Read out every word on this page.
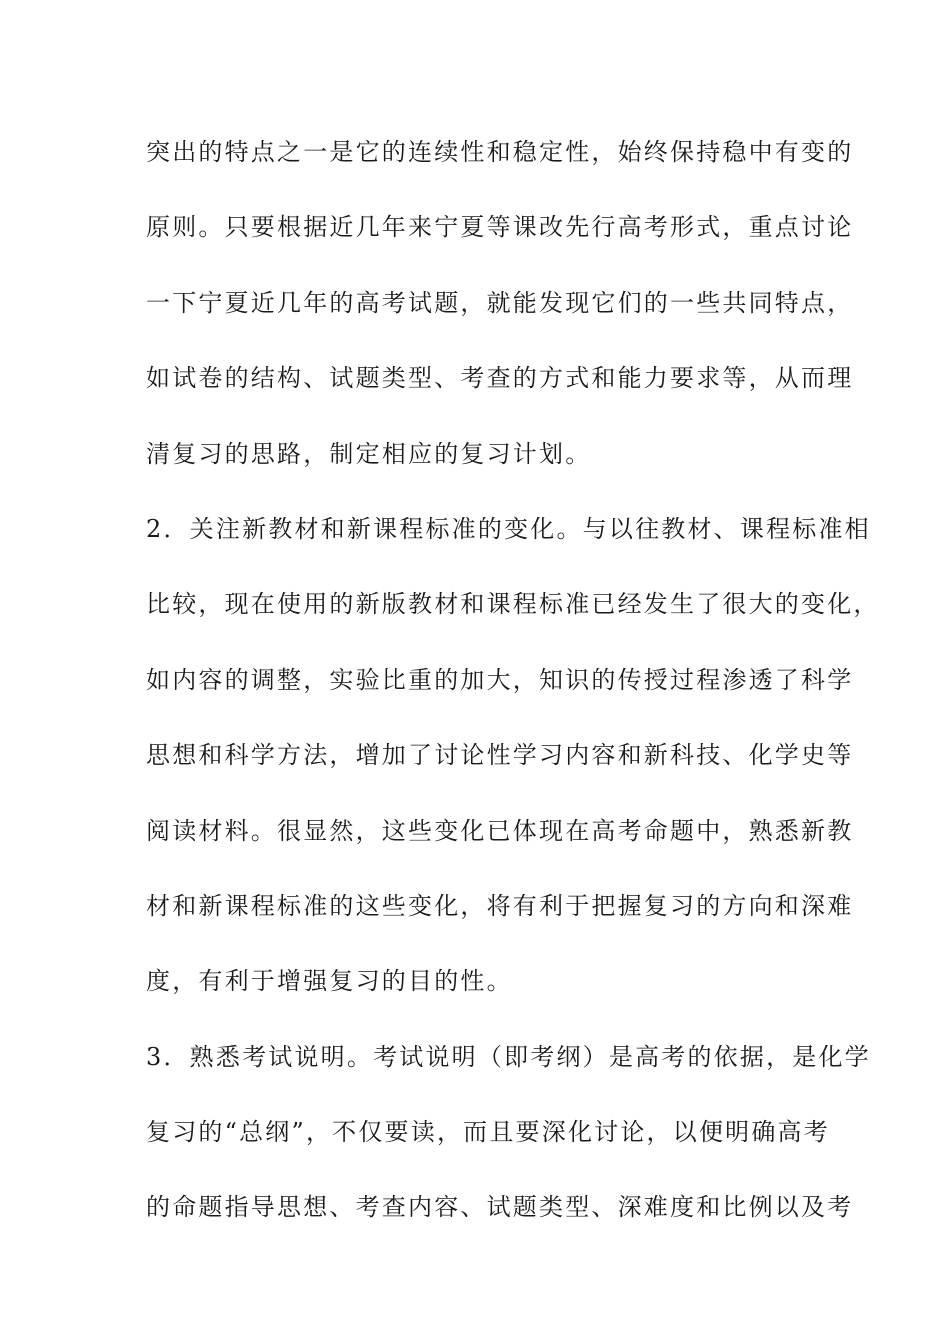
突出的特点之一是它的连续性和稳定性，始终保持稳中有变的

原则。只要根据近几年来宁夏等课改先行高考形式，重点讨论

一下宁夏近几年的高考试题，就能发现它们的一些共同特点，

如试卷的结构、试题类型、考查的方式和能力要求等，从而理

清复习的思路，制定相应的复习计划。

2．关注新教材和新课程标准的变化。与以往教材、课程标准相

比较，现在使用的新版教材和课程标准已经发生了很大的变化，

如内容的调整，实验比重的加大，知识的传授过程渗透了科学

思想和科学方法，增加了讨论性学习内容和新科技、化学史等

阅读材料。很显然，这些变化已体现在高考命题中，熟悉新教

材和新课程标准的这些变化，将有利于把握复习的方向和深难

度，有利于增强复习的目的性。

3．熟悉考试说明。考试说明（即考纲）是高考的依据，是化学

复习的“总纲”，不仅要读，而且要深化讨论，以便明确高考

的命题指导思想、考查内容、试题类型、深难度和比例以及考
